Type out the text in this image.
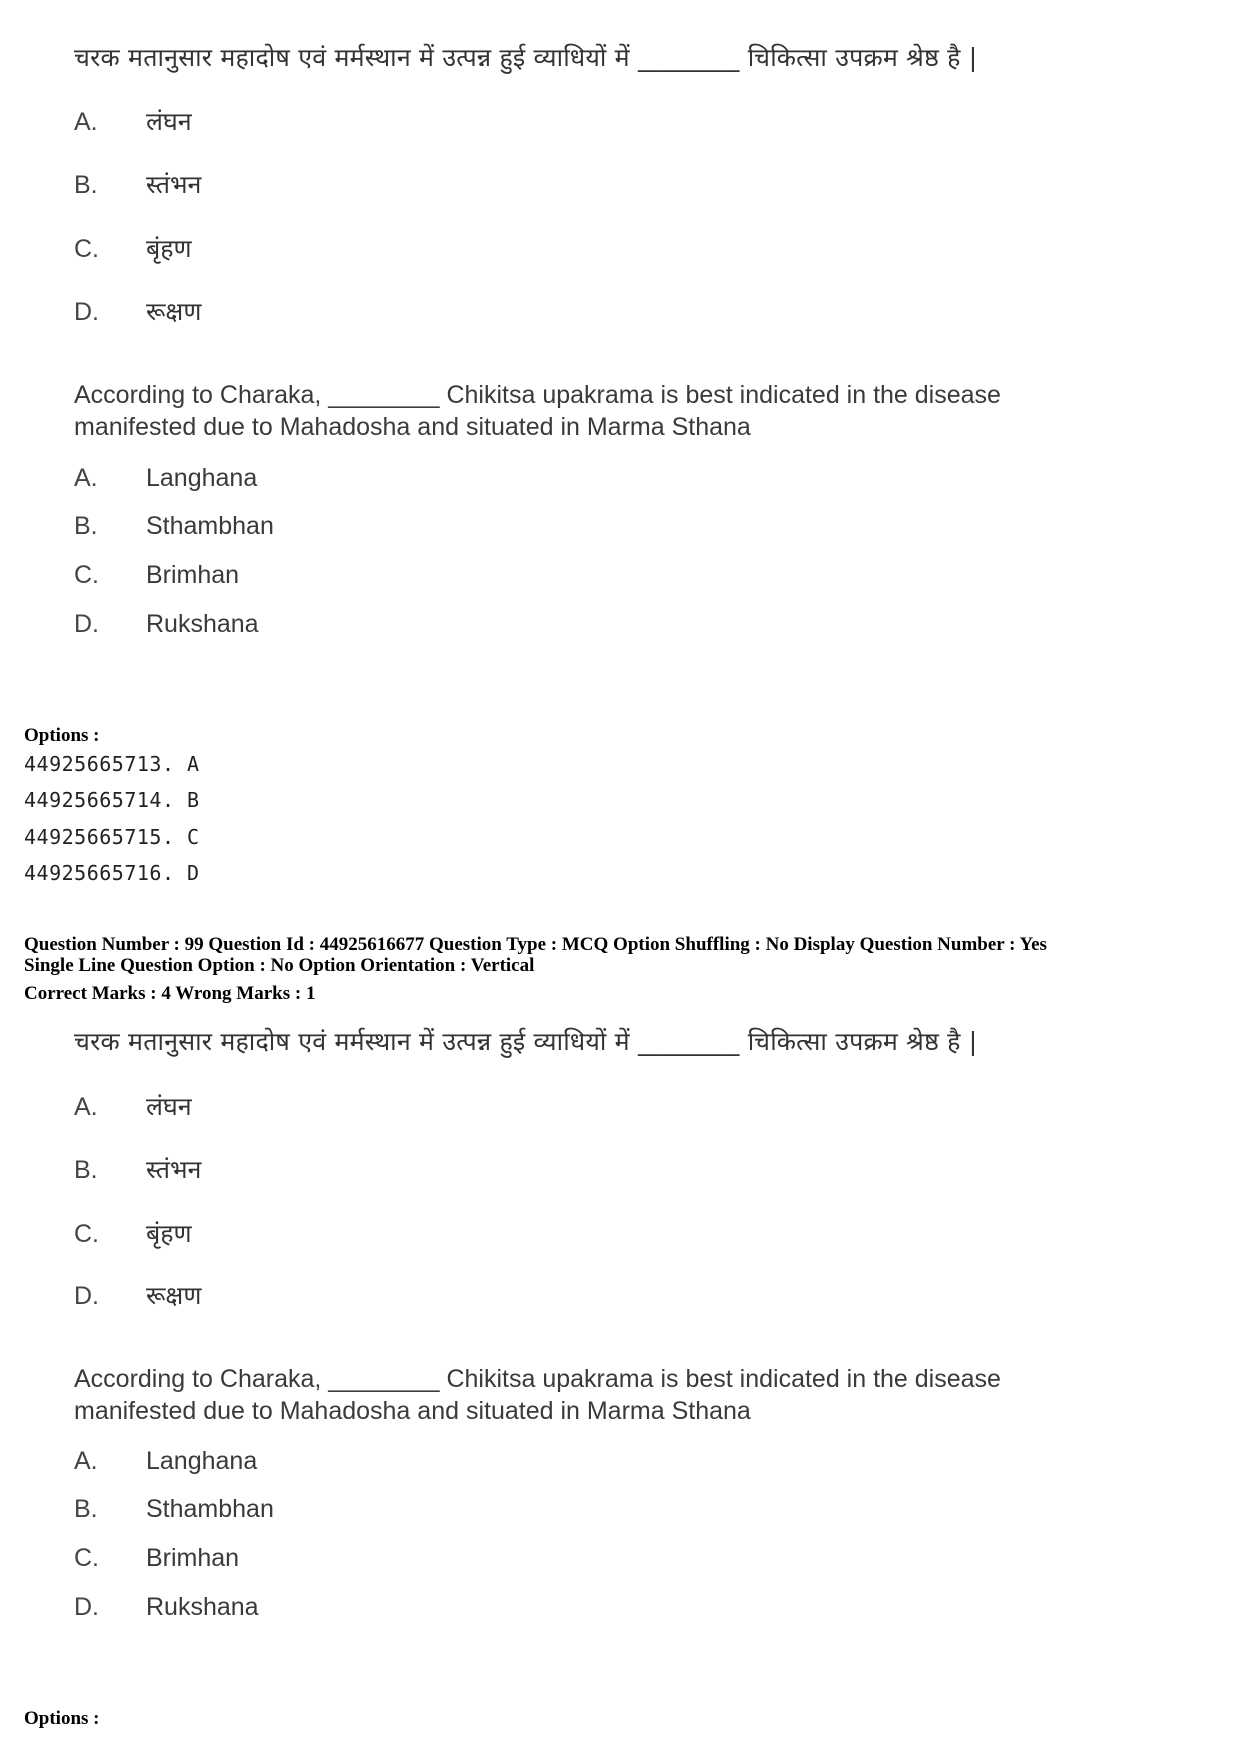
चरक मतानुसार महादोष एवं मर्मस्थान में उत्पन्न हुई व्याधियों में ________ चिकित्सा उपक्रम श्रेष्ठ है |
A. लंघन
B. स्तंभन
C. बृंहण
D. रूक्षण
According to Charaka, ________ Chikitsa upakrama is best indicated in the disease
manifested due to Mahadosha and situated in Marma Sthana
A. Langhana
B. Sthambhan
C. Brimhan
D. Rukshana
Options :
44925665713. A
44925665714. B
44925665715. C
44925665716. D
Question Number : 99 Question Id : 44925616677 Question Type : MCQ Option Shuffling : No Display Question Number : Yes
Single Line Question Option : No Option Orientation : Vertical
Correct Marks : 4 Wrong Marks : 1
चरक मतानुसार महादोष एवं मर्मस्थान में उत्पन्न हुई व्याधियों में ________ चिकित्सा उपक्रम श्रेष्ठ है |
A. लंघन
B. स्तंभन
C. बृंहण
D. रूक्षण
According to Charaka, ________ Chikitsa upakrama is best indicated in the disease
manifested due to Mahadosha and situated in Marma Sthana
A. Langhana
B. Sthambhan
C. Brimhan
D. Rukshana
Options :
